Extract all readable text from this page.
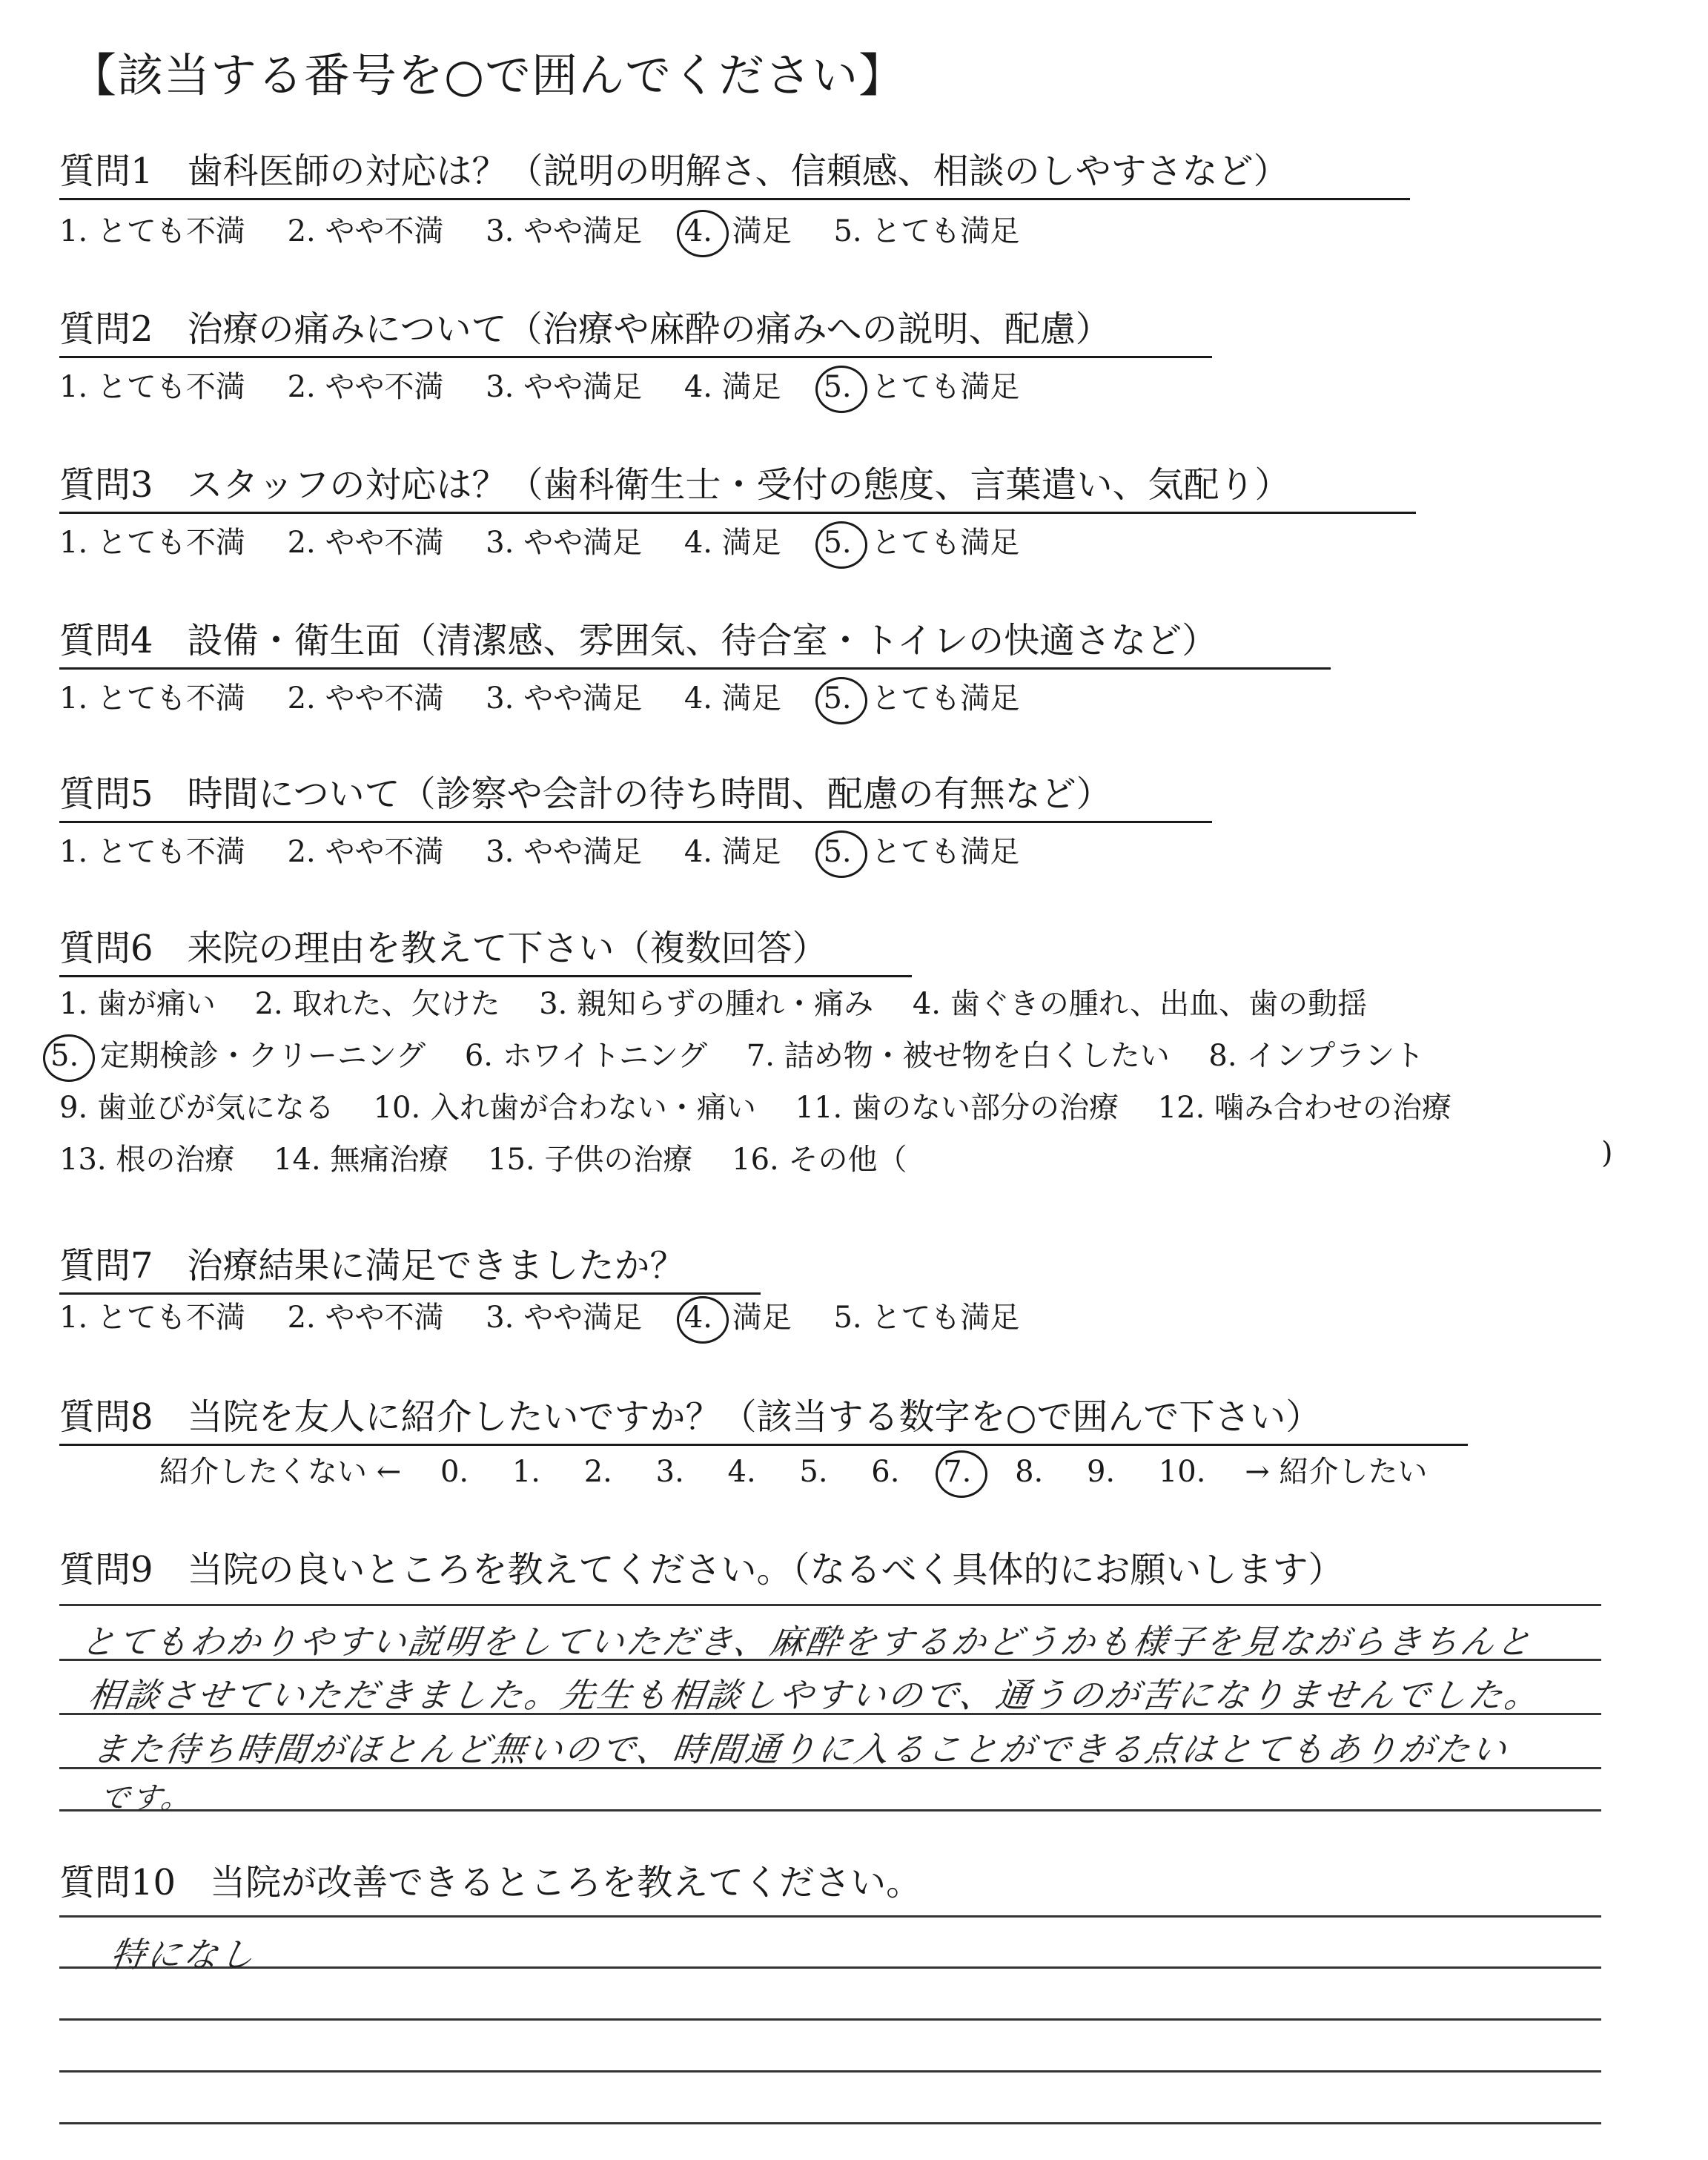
【該当する番号を○で囲んでください】
質問1 歯科医師の対応は？（説明の明解さ、信頼感、相談のしやすさなど）
1. とても不満 2. やや不満 3. やや満足 4. 満足 5. とても満足
質問2 治療の痛みについて（治療や麻酔の痛みへの説明、配慮）
1. とても不満 2. やや不満 3. やや満足 4. 満足 5. とても満足
質問3 スタッフの対応は？（歯科衛生士・受付の態度、言葉遣い、気配り）
1. とても不満 2. やや不満 3. やや満足 4. 満足 5. とても満足
質問4 設備・衛生面（清潔感、雰囲気、待合室・トイレの快適さなど）
1. とても不満 2. やや不満 3. やや満足 4. 満足 5. とても満足
質問5 時間について（診察や会計の待ち時間、配慮の有無など）
1. とても不満 2. やや不満 3. やや満足 4. 満足 5. とても満足
質問6 来院の理由を教えて下さい（複数回答）
1. 歯が痛い 2. 取れた、欠けた 3. 親知らずの腫れ・痛み 4. 歯ぐきの腫れ、出血、歯の動揺
5. 定期検診・クリーニング 6. ホワイトニング 7. 詰め物・被せ物を白くしたい 8. インプラント
9. 歯並びが気になる 10. 入れ歯が合わない・痛い 11. 歯のない部分の治療 12. 噛み合わせの治療
13. 根の治療 14. 無痛治療 15. 子供の治療 16. その他（	)
質問7 治療結果に満足できましたか？
1. とても不満 2. やや不満 3. やや満足 4. 満足 5. とても満足
質問8 当院を友人に紹介したいですか？（該当する数字を○で囲んで下さい）
紹介したくない ← 0. 1. 2. 3. 4. 5. 6. 7. 8. 9. 10. → 紹介したい
質問9 当院の良いところを教えてください。（なるべく具体的にお願いします）
とてもわかりやすい説明をしていただき、麻酔をするかどうかも様子を見ながらきちんと
相談させていただきました。先生も相談しやすいので、通うのが苦になりませんでした。
また待ち時間がほとんど無いので、時間通りに入ることができる点はとてもありがたい
です。
質問10 当院が改善できるところを教えてください。
特になし
